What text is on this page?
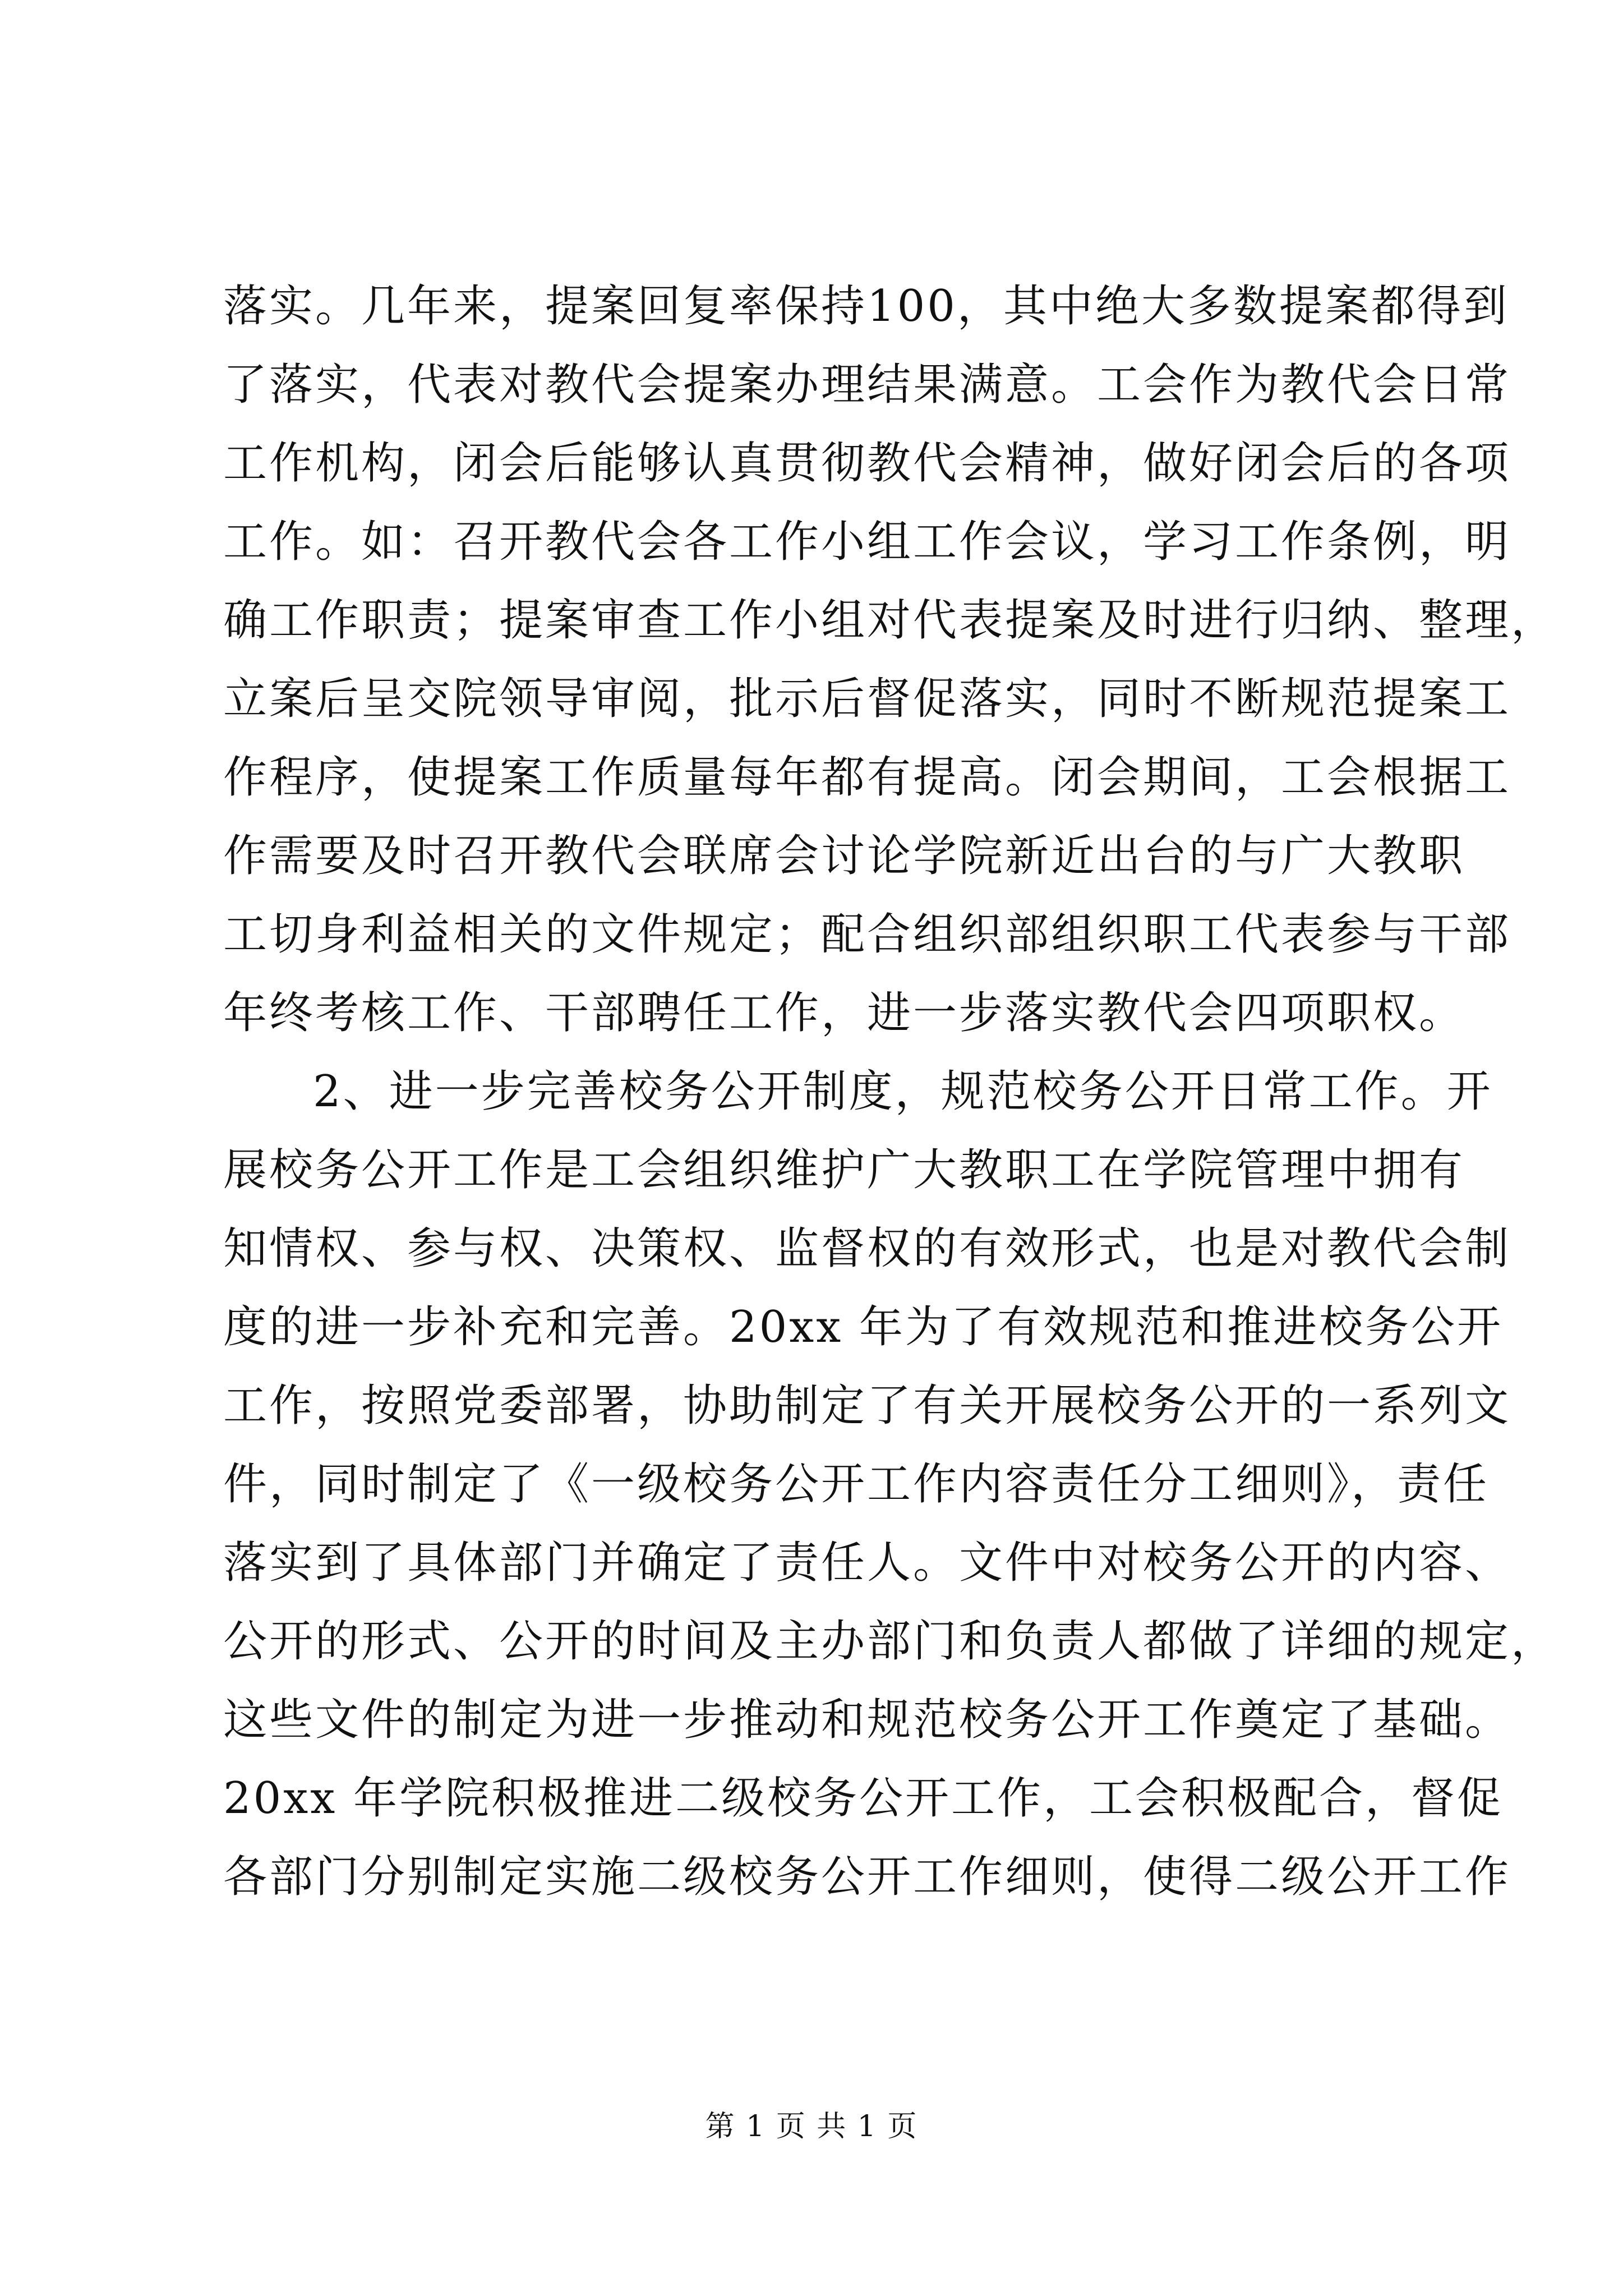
落实。几年来，提案回复率保持100，其中绝大多数提案都得到
了落实，代表对教代会提案办理结果满意。工会作为教代会日常
工作机构，闭会后能够认真贯彻教代会精神，做好闭会后的各项
工作。如：召开教代会各工作小组工作会议，学习工作条例，明
确工作职责；提案审查工作小组对代表提案及时进行归纳、整理，
立案后呈交院领导审阅，批示后督促落实，同时不断规范提案工
作程序，使提案工作质量每年都有提高。闭会期间，工会根据工
作需要及时召开教代会联席会讨论学院新近出台的与广大教职
工切身利益相关的文件规定；配合组织部组织职工代表参与干部
年终考核工作、干部聘任工作，进一步落实教代会四项职权。
2、进一步完善校务公开制度，规范校务公开日常工作。开
展校务公开工作是工会组织维护广大教职工在学院管理中拥有
知情权、参与权、决策权、监督权的有效形式，也是对教代会制
度的进一步补充和完善。20xx 年为了有效规范和推进校务公开
工作，按照党委部署，协助制定了有关开展校务公开的一系列文
件，同时制定了《一级校务公开工作内容责任分工细则》，责任
落实到了具体部门并确定了责任人。文件中对校务公开的内容、
公开的形式、公开的时间及主办部门和负责人都做了详细的规定，
这些文件的制定为进一步推动和规范校务公开工作奠定了基础。
20xx 年学院积极推进二级校务公开工作，工会积极配合，督促
各部门分别制定实施二级校务公开工作细则，使得二级公开工作
第 1 页 共 1 页
